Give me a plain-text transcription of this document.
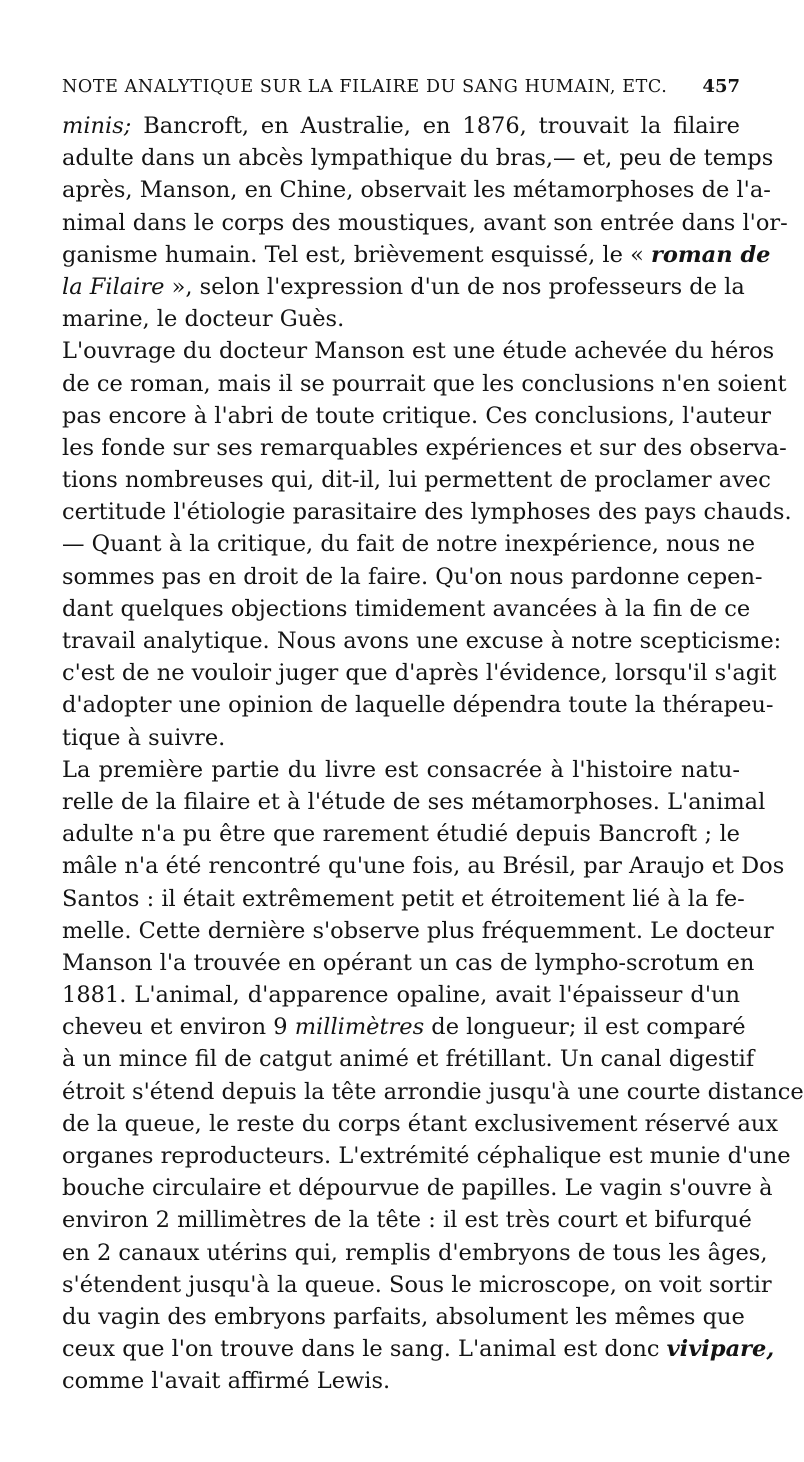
NOTE ANALYTIQUE SUR LA FILAIRE DU SANG HUMAIN, ETC. 457
minis; Bancroft, en Australie, en 1876, trouvait la filaire
adulte dans un abcès lympathique du bras,— et, peu de temps
après, Manson, en Chine, observait les métamorphoses de l'a-
nimal dans le corps des moustiques, avant son entrée dans l'or-
ganisme humain. Tel est, brièvement esquissé, le « roman de
la Filaire », selon l'expression d'un de nos professeurs de la
marine, le docteur Guès.
L'ouvrage du docteur Manson est une étude achevée du héros
de ce roman, mais il se pourrait que les conclusions n'en soient
pas encore à l'abri de toute critique. Ces conclusions, l'auteur
les fonde sur ses remarquables expériences et sur des observa-
tions nombreuses qui, dit-il, lui permettent de proclamer avec
certitude l'étiologie parasitaire des lymphoses des pays chauds.
— Quant à la critique, du fait de notre inexpérience, nous ne
sommes pas en droit de la faire. Qu'on nous pardonne cepen-
dant quelques objections timidement avancées à la fin de ce
travail analytique. Nous avons une excuse à notre scepticisme:
c'est de ne vouloir juger que d'après l'évidence, lorsqu'il s'agit
d'adopter une opinion de laquelle dépendra toute la thérapeu-
tique à suivre.
La première partie du livre est consacrée à l'histoire natu-
relle de la filaire et à l'étude de ses métamorphoses. L'animal
adulte n'a pu être que rarement étudié depuis Bancroft ; le
mâle n'a été rencontré qu'une fois, au Brésil, par Araujo et Dos
Santos : il était extrêmement petit et étroitement lié à la fe-
melle. Cette dernière s'observe plus fréquemment. Le docteur
Manson l'a trouvée en opérant un cas de lympho-scrotum en
1881. L'animal, d'apparence opaline, avait l'épaisseur d'un
cheveu et environ 9 millimètres de longueur; il est comparé
à un mince fil de catgut animé et frétillant. Un canal digestif
étroit s'étend depuis la tête arrondie jusqu'à une courte distance
de la queue, le reste du corps étant exclusivement réservé aux
organes reproducteurs. L'extrémité céphalique est munie d'une
bouche circulaire et dépourvue de papilles. Le vagin s'ouvre à
environ 2 millimètres de la tête : il est très court et bifurqué
en 2 canaux utérins qui, remplis d'embryons de tous les âges,
s'étendent jusqu'à la queue. Sous le microscope, on voit sortir
du vagin des embryons parfaits, absolument les mêmes que
ceux que l'on trouve dans le sang. L'animal est donc vivipare,
comme l'avait affirmé Lewis.
